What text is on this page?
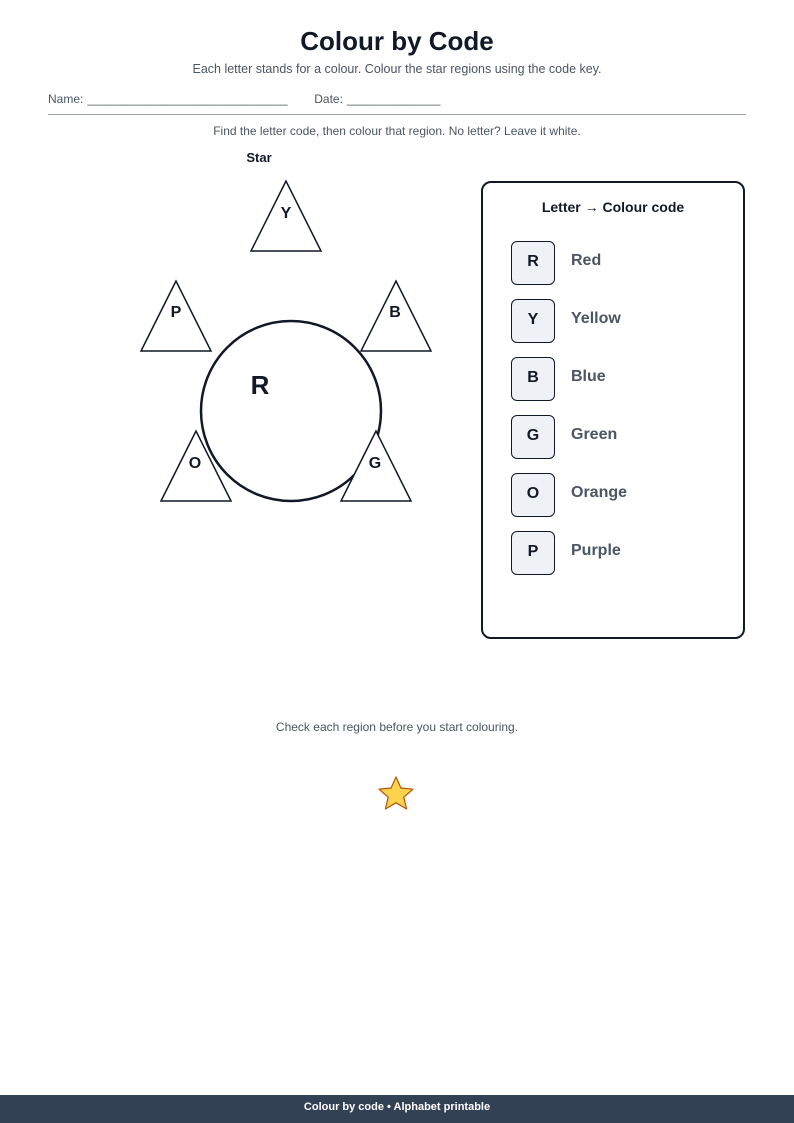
Colour by Code
Each letter stands for a colour. Colour the star regions using the code key.
Name: ______________________________ Date: ______________
Find the letter code, then colour that region. No letter? Leave it white.
Star
Y
P	B
R
O	G
Letter → Colour code
R	Red
Y	Yellow
B	Blue
G	Green
O	Orange
P	Purple
Check each region before you start colouring.
Colour by code • Alphabet printable
